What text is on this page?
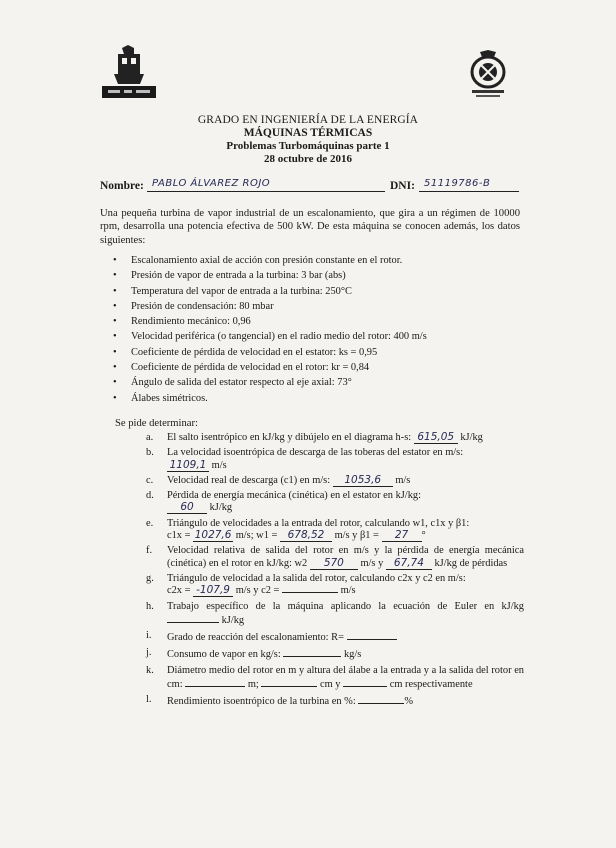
GRADO EN INGENIERÍA DE LA ENERGÍA
MÁQUINAS TÉRMICAS
Problemas Turbomáquinas parte 1
28 octubre de 2016
Nombre: PABLO ÁLVAREZ ROJO	DNI: 51119786-B
Una pequeña turbina de vapor industrial de un escalonamiento, que gira a un régimen de 10000 rpm, desarrolla una potencia efectiva de 500 kW. De esta máquina se conocen además, los datos siguientes:
• Escalonamiento axial de acción con presión constante en el rotor.
• Presión de vapor de entrada a la turbina: 3 bar (abs)
• Temperatura del vapor de entrada a la turbina: 250°C
• Presión de condensación: 80 mbar
• Rendimiento mecánico: 0,96
• Velocidad periférica (o tangencial) en el radio medio del rotor: 400 m/s
• Coeficiente de pérdida de velocidad en el estator: ks = 0,95
• Coeficiente de pérdida de velocidad en el rotor: kr = 0,84
• Ángulo de salida del estator respecto al eje axial: 73°
• Álabes simétricos.
Se pide determinar:
a. El salto isentrópico en kJ/kg y dibújelo en el diagrama h-s: 615,05 kJ/kg
b. La velocidad isoentrópica de descarga de las toberas del estator en m/s:
1109,1 m/s
c. Velocidad real de descarga (c1) en m/s: 1053,6 m/s
d. Pérdida de energía mecánica (cinética) en el estator en kJ/kg:
60 kJ/kg
e. Triángulo de velocidades a la entrada del rotor, calculando w1, c1x y β1:
c1x = 1027,6 m/s; w1 = 678,52 m/s y β1 = 27 °
f. Velocidad relativa de salida del rotor en m/s y la pérdida de energía mecánica (cinética) en el rotor en kJ/kg: w2 570 m/s y 67,74 kJ/kg de pérdidas
g. Triángulo de velocidad a la salida del rotor, calculando c2x y c2 en m/s:
c2x = -107,9 m/s y c2 =	m/s
h. Trabajo específico de la máquina aplicando la ecuación de Euler en kJ/kg  kJ/kg
i. Grado de reacción del escalonamiento: R=
j. Consumo de vapor en kg/s:	kg/s
k. Diámetro medio del rotor en m y altura del álabe a la entrada y a la salida del rotor en cm:	m;	cm y	cm respectivamente
l. Rendimiento isoentrópico de la turbina en %:	%
